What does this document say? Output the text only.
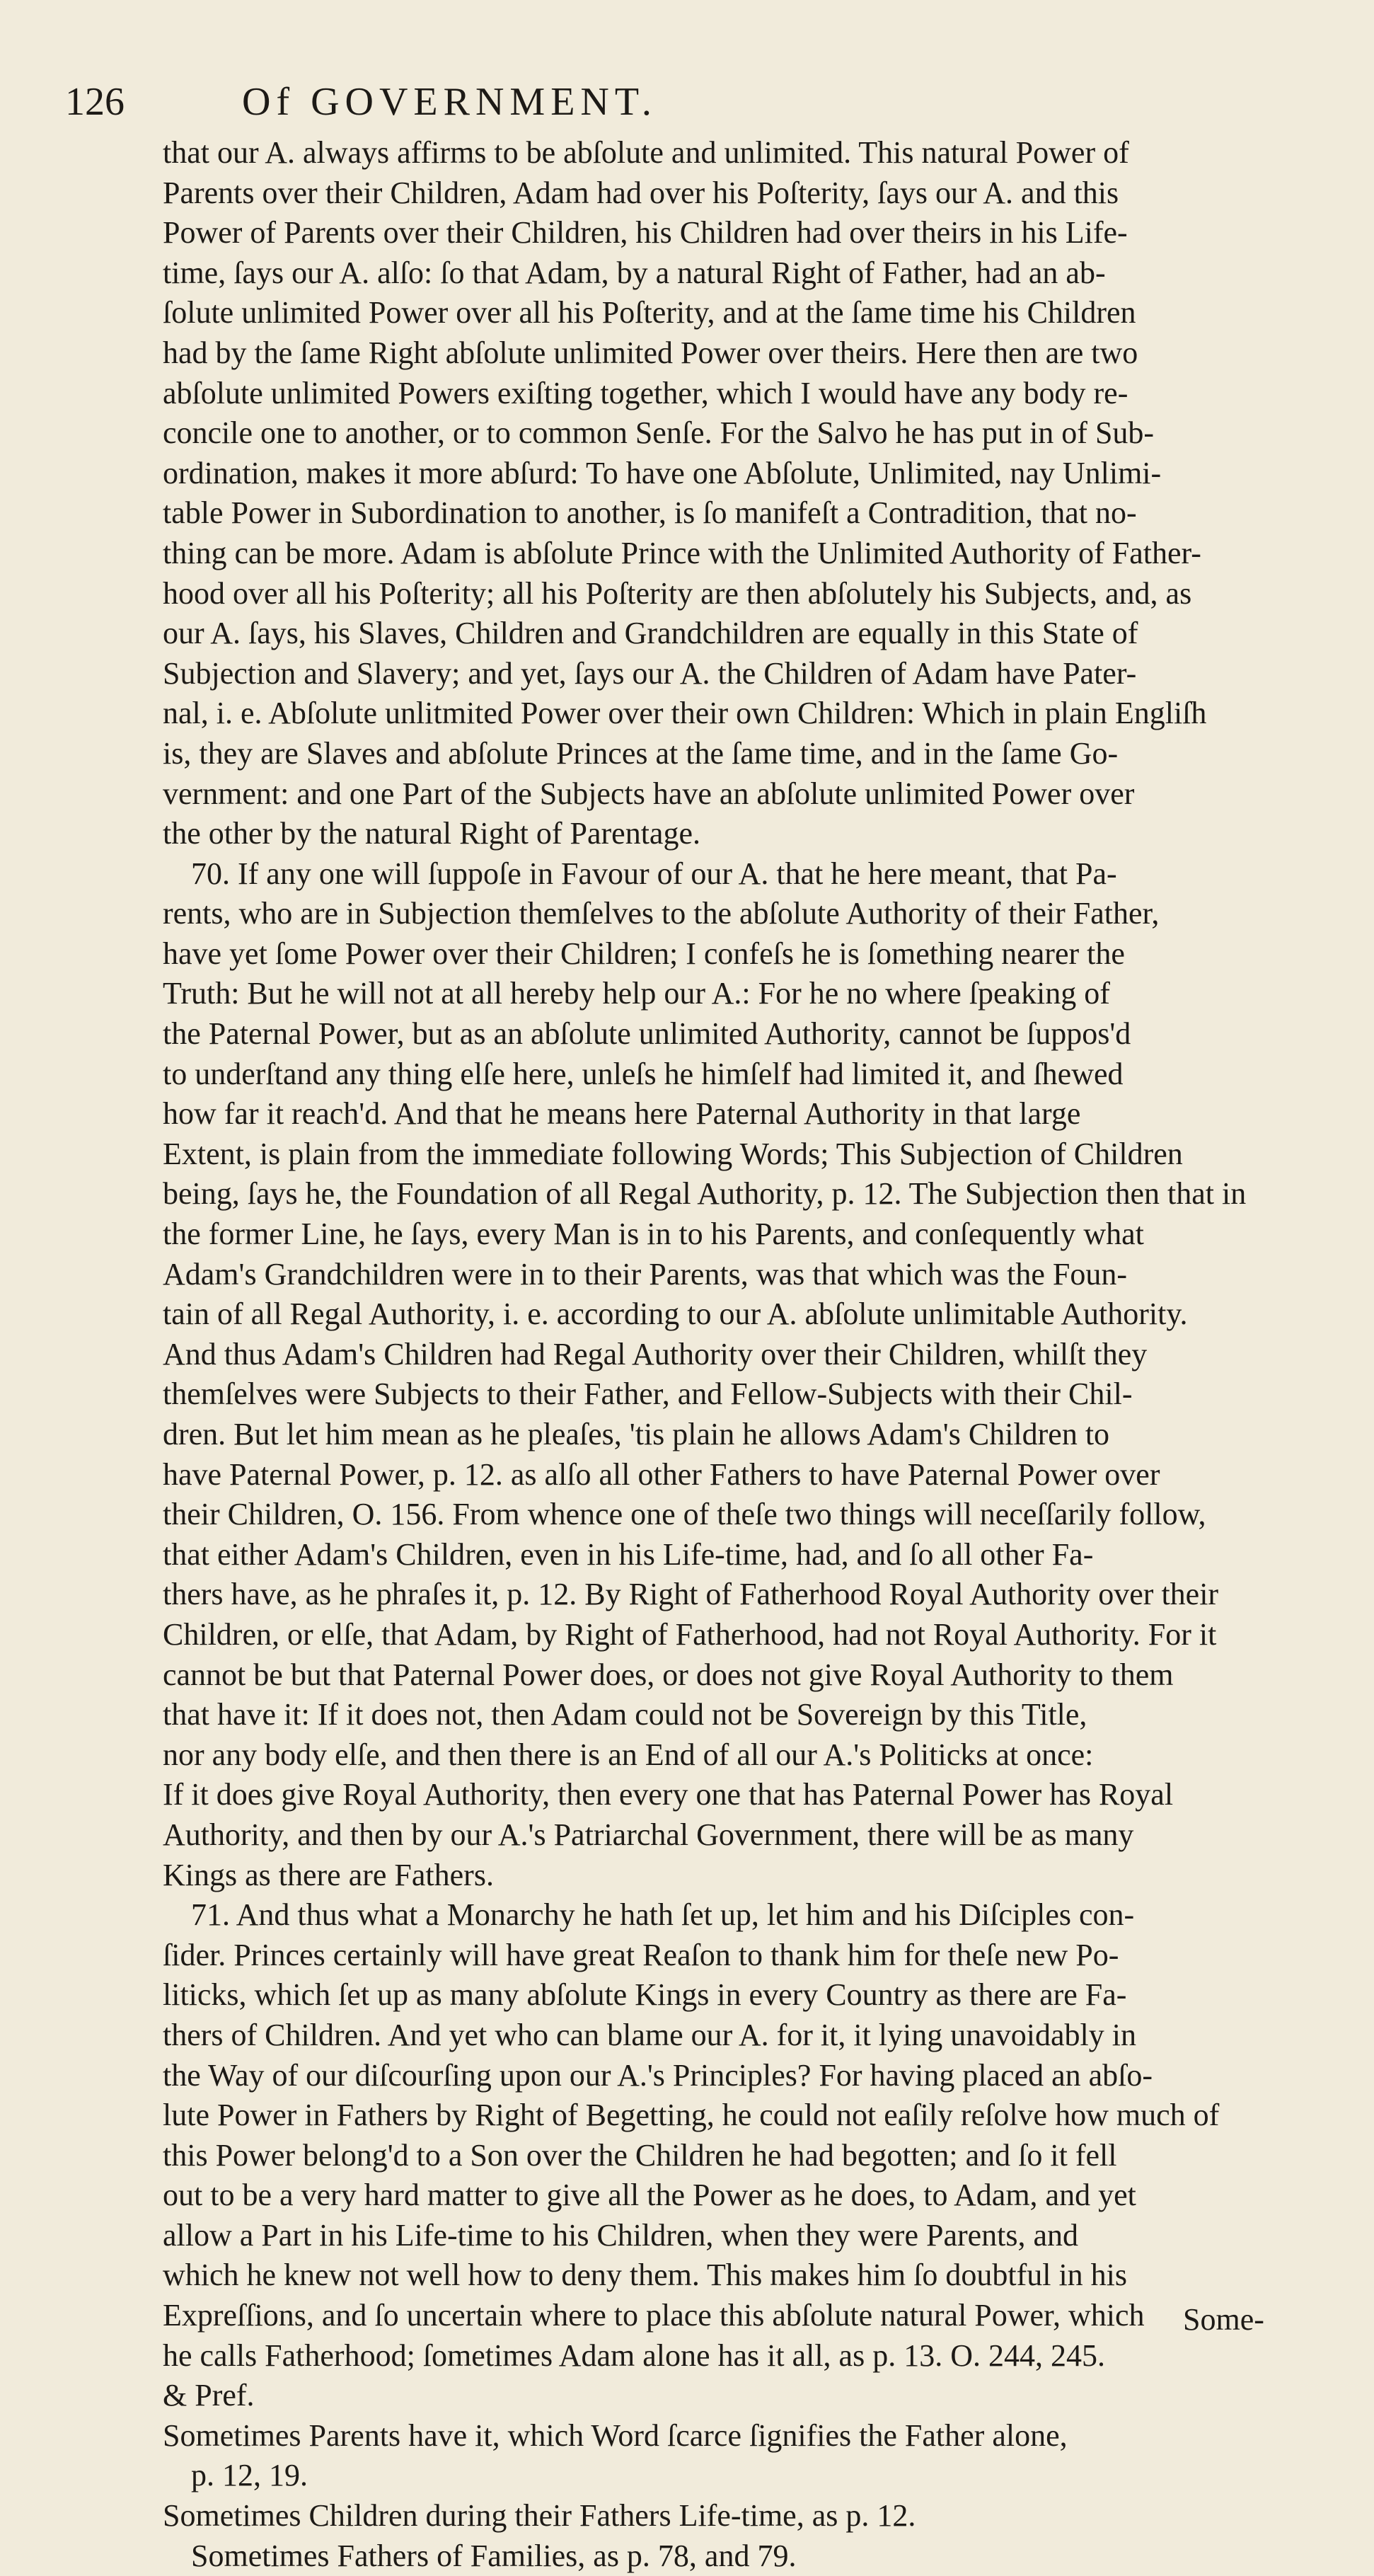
126	Of GOVERNMENT.
that our A. always affirms to be abſolute and unlimited. This natural Power of
Parents over their Children, Adam had over his Poſterity, ſays our A. and this
Power of Parents over their Children, his Children had over theirs in his Life-
time, ſays our A. alſo: ſo that Adam, by a natural Right of Father, had an ab-
ſolute unlimited Power over all his Poſterity, and at the ſame time his Children
had by the ſame Right abſolute unlimited Power over theirs. Here then are two
abſolute unlimited Powers exiſting together, which I would have any body re-
concile one to another, or to common Senſe. For the Salvo he has put in of Sub-
ordination, makes it more abſurd: To have one Abſolute, Unlimited, nay Unlimi-
table Power in Subordination to another, is ſo manifeſt a Contradition, that no-
thing can be more. Adam is abſolute Prince with the Unlimited Authority of Father-
hood over all his Poſterity; all his Poſterity are then abſolutely his Subjects, and, as
our A. ſays, his Slaves, Children and Grandchildren are equally in this State of
Subjection and Slavery; and yet, ſays our A. the Children of Adam have Pater-
nal, i. e. Abſolute unlitmited Power over their own Children: Which in plain Engliſh
is, they are Slaves and abſolute Princes at the ſame time, and in the ſame Go-
vernment: and one Part of the Subjects have an abſolute unlimited Power over
the other by the natural Right of Parentage.
70. If any one will ſuppoſe in Favour of our A. that he here meant, that Pa-
rents, who are in Subjection themſelves to the abſolute Authority of their Father,
have yet ſome Power over their Children; I confeſs he is ſomething nearer the
Truth: But he will not at all hereby help our A.: For he no where ſpeaking of
the Paternal Power, but as an abſolute unlimited Authority, cannot be ſuppos'd
to underſtand any thing elſe here, unleſs he himſelf had limited it, and ſhewed
how far it reach'd. And that he means here Paternal Authority in that large
Extent, is plain from the immediate following Words; This Subjection of Children
being, ſays he, the Foundation of all Regal Authority, p. 12. The Subjection then that in
the former Line, he ſays, every Man is in to his Parents, and conſequently what
Adam's Grandchildren were in to their Parents, was that which was the Foun-
tain of all Regal Authority, i. e. according to our A. abſolute unlimitable Authority.
And thus Adam's Children had Regal Authority over their Children, whilſt they
themſelves were Subjects to their Father, and Fellow-Subjects with their Chil-
dren. But let him mean as he pleaſes, 'tis plain he allows Adam's Children to
have Paternal Power, p. 12. as alſo all other Fathers to have Paternal Power over
their Children, O. 156. From whence one of theſe two things will neceſſarily follow,
that either Adam's Children, even in his Life-time, had, and ſo all other Fa-
thers have, as he phraſes it, p. 12. By Right of Fatherhood Royal Authority over their
Children, or elſe, that Adam, by Right of Fatherhood, had not Royal Authority. For it
cannot be but that Paternal Power does, or does not give Royal Authority to them
that have it: If it does not, then Adam could not be Sovereign by this Title,
nor any body elſe, and then there is an End of all our A.'s Politicks at once:
If it does give Royal Authority, then every one that has Paternal Power has Royal
Authority, and then by our A.'s Patriarchal Government, there will be as many
Kings as there are Fathers.
71. And thus what a Monarchy he hath ſet up, let him and his Diſciples con-
ſider. Princes certainly will have great Reaſon to thank him for theſe new Po-
liticks, which ſet up as many abſolute Kings in every Country as there are Fa-
thers of Children. And yet who can blame our A. for it, it lying unavoidably in
the Way of our diſcourſing upon our A.'s Principles? For having placed an abſo-
lute Power in Fathers by Right of Begetting, he could not eaſily reſolve how much of
this Power belong'd to a Son over the Children he had begotten; and ſo it fell
out to be a very hard matter to give all the Power as he does, to Adam, and yet
allow a Part in his Life-time to his Children, when they were Parents, and
which he knew not well how to deny them. This makes him ſo doubtful in his
Expreſſions, and ſo uncertain where to place this abſolute natural Power, which
he calls Fatherhood; ſometimes Adam alone has it all, as p. 13. O. 244, 245.
& Pref.
Sometimes Parents have it, which Word ſcarce ſignifies the Father alone,
p. 12, 19.
Sometimes Children during their Fathers Life-time, as p. 12.
Sometimes Fathers of Families, as p. 78, and 79.
Some-
